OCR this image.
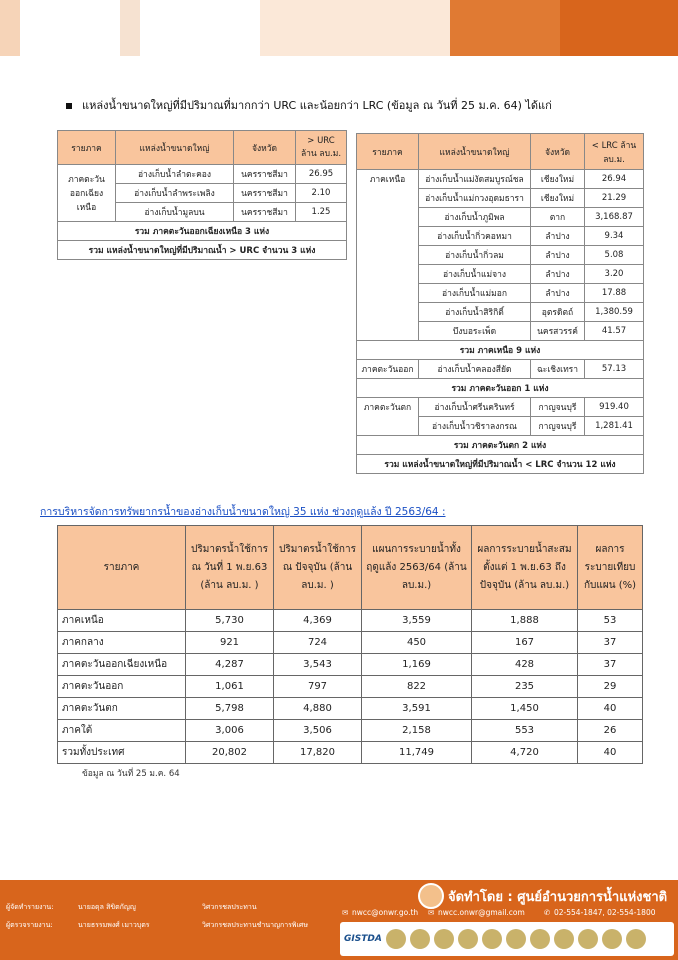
แหล่งน้ำขนาดใหญ่ที่มีปริมาณที่มากกว่า URC และน้อยกว่า LRC (ข้อมูล ณ วันที่ 25 ม.ค. 64) ได้แก่
รายภาค	แหล่งน้ำขนาดใหญ่	จังหวัด	> URC ล้าน ลบ.ม.
ภาคตะวันออกเฉียงเหนือ	อ่างเก็บน้ำลำตะคอง	นครราชสีมา	26.95
	อ่างเก็บน้ำลำพระเพลิง	นครราชสีมา	2.10
	อ่างเก็บน้ำมูลบน	นครราชสีมา	1.25
รวม ภาคตะวันออกเฉียงเหนือ 3 แห่ง			
รวม แหล่งน้ำขนาดใหญ่ที่มีปริมาณน้ำ > URC จำนวน 3 แห่ง			
รายภาค	แหล่งน้ำขนาดใหญ่	จังหวัด	< LRC ล้าน ลบ.ม.
ภาคเหนือ	อ่างเก็บน้ำแม่งัดสมบูรณ์ชล	เชียงใหม่	26.94
	อ่างเก็บน้ำแม่กวงอุดมธารา	เชียงใหม่	21.29
	อ่างเก็บน้ำภูมิพล	ตาก	3,168.87
	อ่างเก็บน้ำกิ่วคอหมา	ลำปาง	9.34
	อ่างเก็บน้ำกิ่วลม	ลำปาง	5.08
	อ่างเก็บน้ำแม่จาง	ลำปาง	3.20
	อ่างเก็บน้ำแม่มอก	ลำปาง	17.88
	อ่างเก็บน้ำสิริกิติ์	อุตรดิตถ์	1,380.59
	บึงบอระเพ็ด	นครสวรรค์	41.57
รวม ภาคเหนือ 9 แห่ง			
ภาคตะวันออก	อ่างเก็บน้ำคลองสียัด	ฉะเชิงเทรา	57.13
รวม ภาคตะวันออก 1 แห่ง			
ภาคตะวันตก	อ่างเก็บน้ำศรีนครินทร์	กาญจนบุรี	919.40
	อ่างเก็บน้ำวชิราลงกรณ	กาญจนบุรี	1,281.41
รวม ภาคตะวันตก 2 แห่ง			
รวม แหล่งน้ำขนาดใหญ่ที่มีปริมาณน้ำ < LRC จำนวน 12 แห่ง			
การบริหารจัดการทรัพยากรน้ำของอ่างเก็บน้ำขนาดใหญ่ 35 แห่ง ช่วงฤดูแล้ง ปี 2563/64 :
รายภาค	ปริมาตรน้ำใช้การ ณ วันที่ 1 พ.ย.63 (ล้าน ลบ.ม. )	ปริมาตรน้ำใช้การ ณ ปัจจุบัน (ล้าน ลบ.ม. )	แผนการระบายน้ำทั้งฤดูแล้ง 2563/64 (ล้าน ลบ.ม.)	ผลการระบายน้ำสะสม ตั้งแต่ 1 พ.ย.63 ถึงปัจจุบัน (ล้าน ลบ.ม.)	ผลการระบายเทียบกับแผน (%)
ภาคเหนือ	5,730	4,369	3,559	1,888	53
ภาคกลาง	921	724	450	167	37
ภาคตะวันออกเฉียงเหนือ	4,287	3,543	1,169	428	37
ภาคตะวันออก	1,061	797	822	235	29
ภาคตะวันตก	5,798	4,880	3,591	1,450	40
ภาคใต้	3,006	3,506	2,158	553	26
รวมทั้งประเทศ	20,802	17,820	11,749	4,720	40
ข้อมูล ณ วันที่ 25 ม.ค. 64
ผู้จัดทำรายงาน:	นายอดุล สิขิตกัญญู	วิศวกรชลประทาน
ผู้ตรวจรายงาน:	นายธรรมพงศ์ เมาวบุตร	วิศวกรชลประทานชำนาญการพิเศษ
จัดทำโดย : ศูนย์อำนวยการน้ำแห่งชาติ
✉ nwcc@onwr.go.th ✉ nwcc.onwr@gmail.com	✆ 02-554-1847, 02-554-1800
GISTDA
